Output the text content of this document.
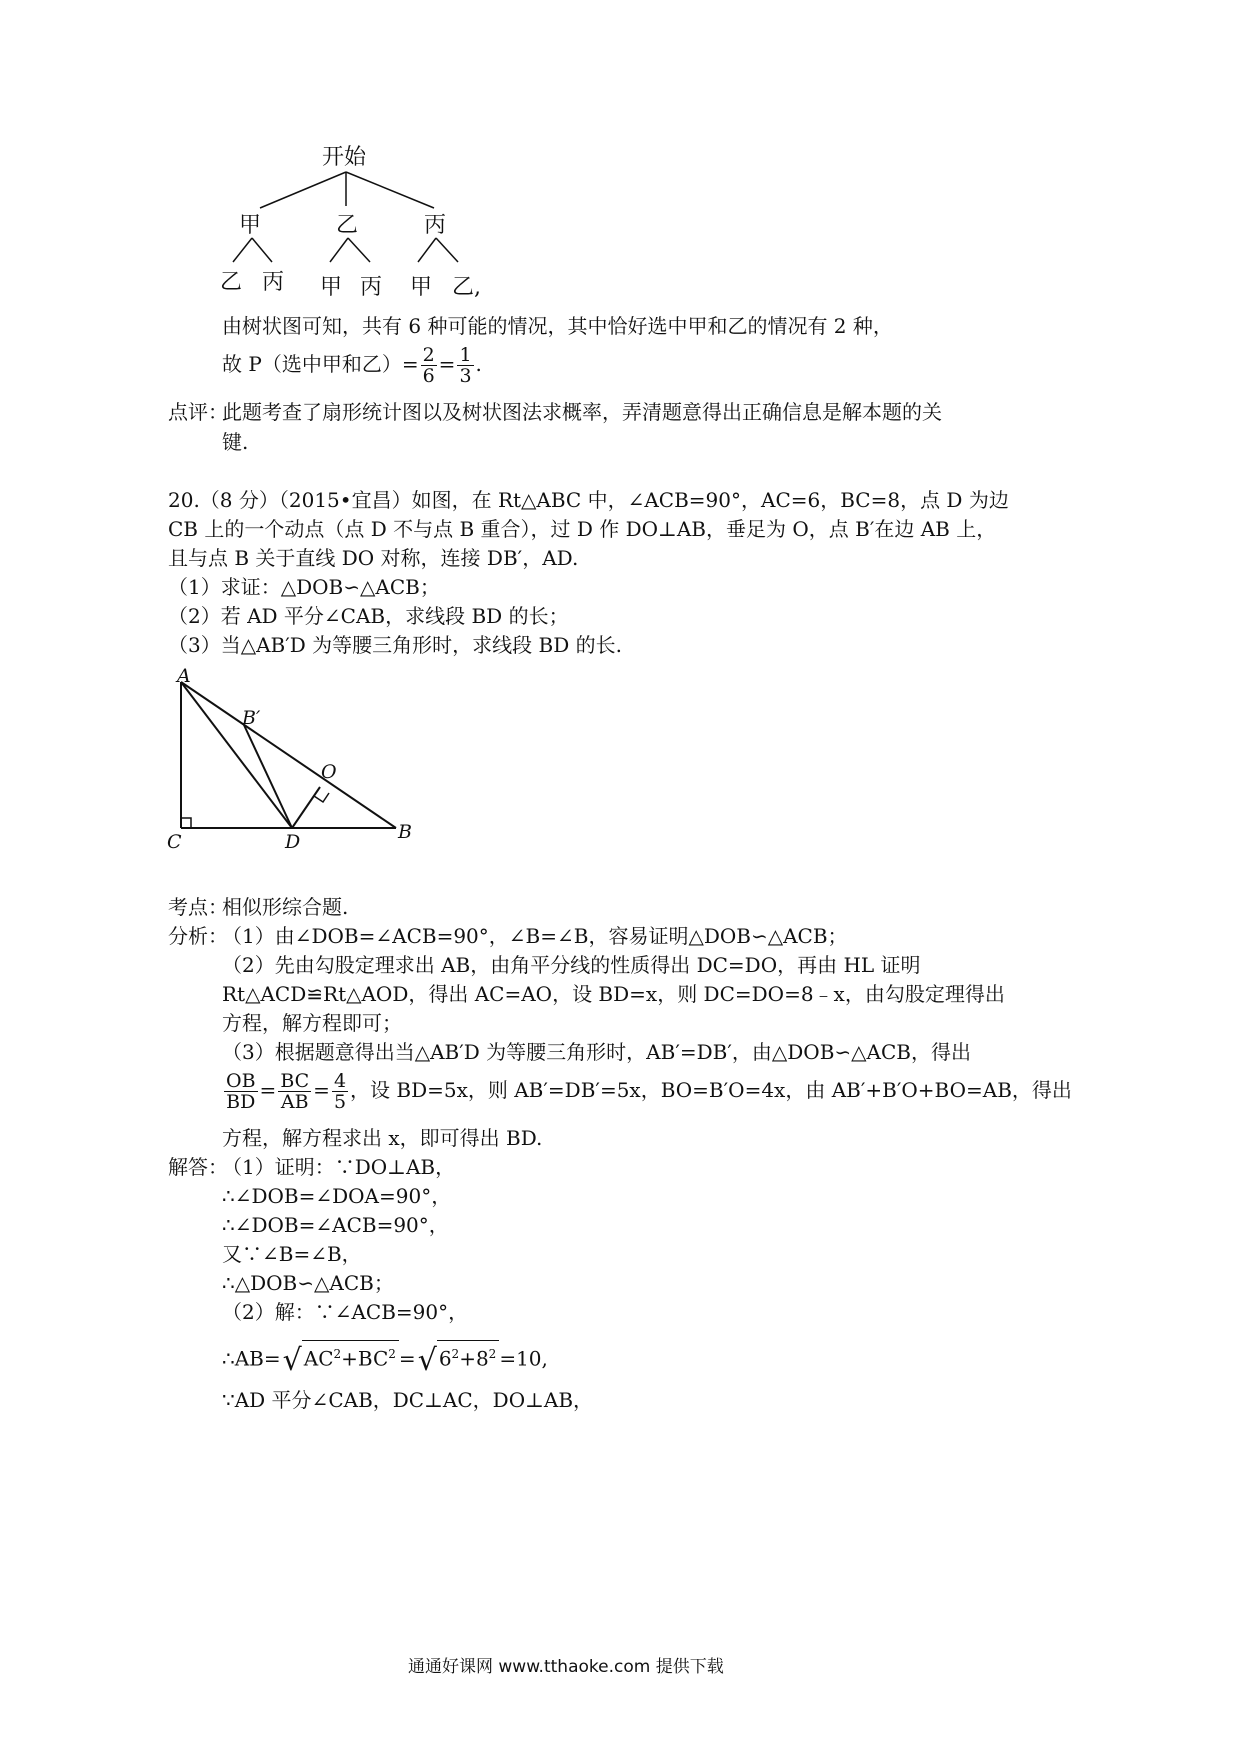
开始
甲	乙	丙
乙 丙 甲 丙 甲 乙,
由树状图可知，共有 6 种可能的情况，其中恰好选中甲和乙的情况有 2 种，
故 P（选中甲和乙）= $\frac{2}{6} = \frac{1}{3}$ .
点评：
此题考查了扇形统计图以及树状图法求概率，弄清题意得出正确信息是解本题的关
键.
20.（8 分）（2015•宜昌）如图，在 Rt△ABC 中，∠ACB=90°，AC=6，BC=8，点 D 为边
CB 上的一个动点（点 D 不与点 B 重合），过 D 作 DO⊥AB，垂足为 O，点 B′在边 AB 上，
且与点 B 关于直线 DO 对称，连接 DB′，AD.
（1）求证：△DOB∽△ACB；
（2）若 AD 平分∠CAB，求线段 BD 的长；
（3）当△AB′D 为等腰三角形时，求线段 BD 的长.
A
B′
O
C	D	B
考点：
相似形综合题.
分析：
（1）由∠DOB=∠ACB=90°，∠B=∠B，容易证明△DOB∽△ACB；
（2）先由勾股定理求出 AB，由角平分线的性质得出 DC=DO，再由 HL 证明
Rt△ACD≌Rt△AOD，得出 AC=AO，设 BD=x，则 DC=DO=8﹣x，由勾股定理得出
方程，解方程即可；
（3）根据题意得出当△AB′D 为等腰三角形时，AB′=DB′，由△DOB∽△ACB，得出
$\frac{OB}{BD} = \frac{BC}{AB} = \frac{4}{5}$ ，设 BD=5x，则 AB′=DB′=5x，BO=B′O=4x，由 AB′+B′O+BO=AB，得出
方程，解方程求出 x，即可得出 BD.
解答：
（1）证明：∵DO⊥AB，
∴∠DOB=∠DOA=90°，
∴∠DOB=∠ACB=90°，
又∵∠B=∠B，
∴△DOB∽△ACB；
（2）解：∵∠ACB=90°，
∴AB=√ $AC^2+BC^2$ =√ $6^2+8^2 =10$,
∵AD 平分∠CAB，DC⊥AC，DO⊥AB，
通通好课网 www.tthaoke.com 提供下载
